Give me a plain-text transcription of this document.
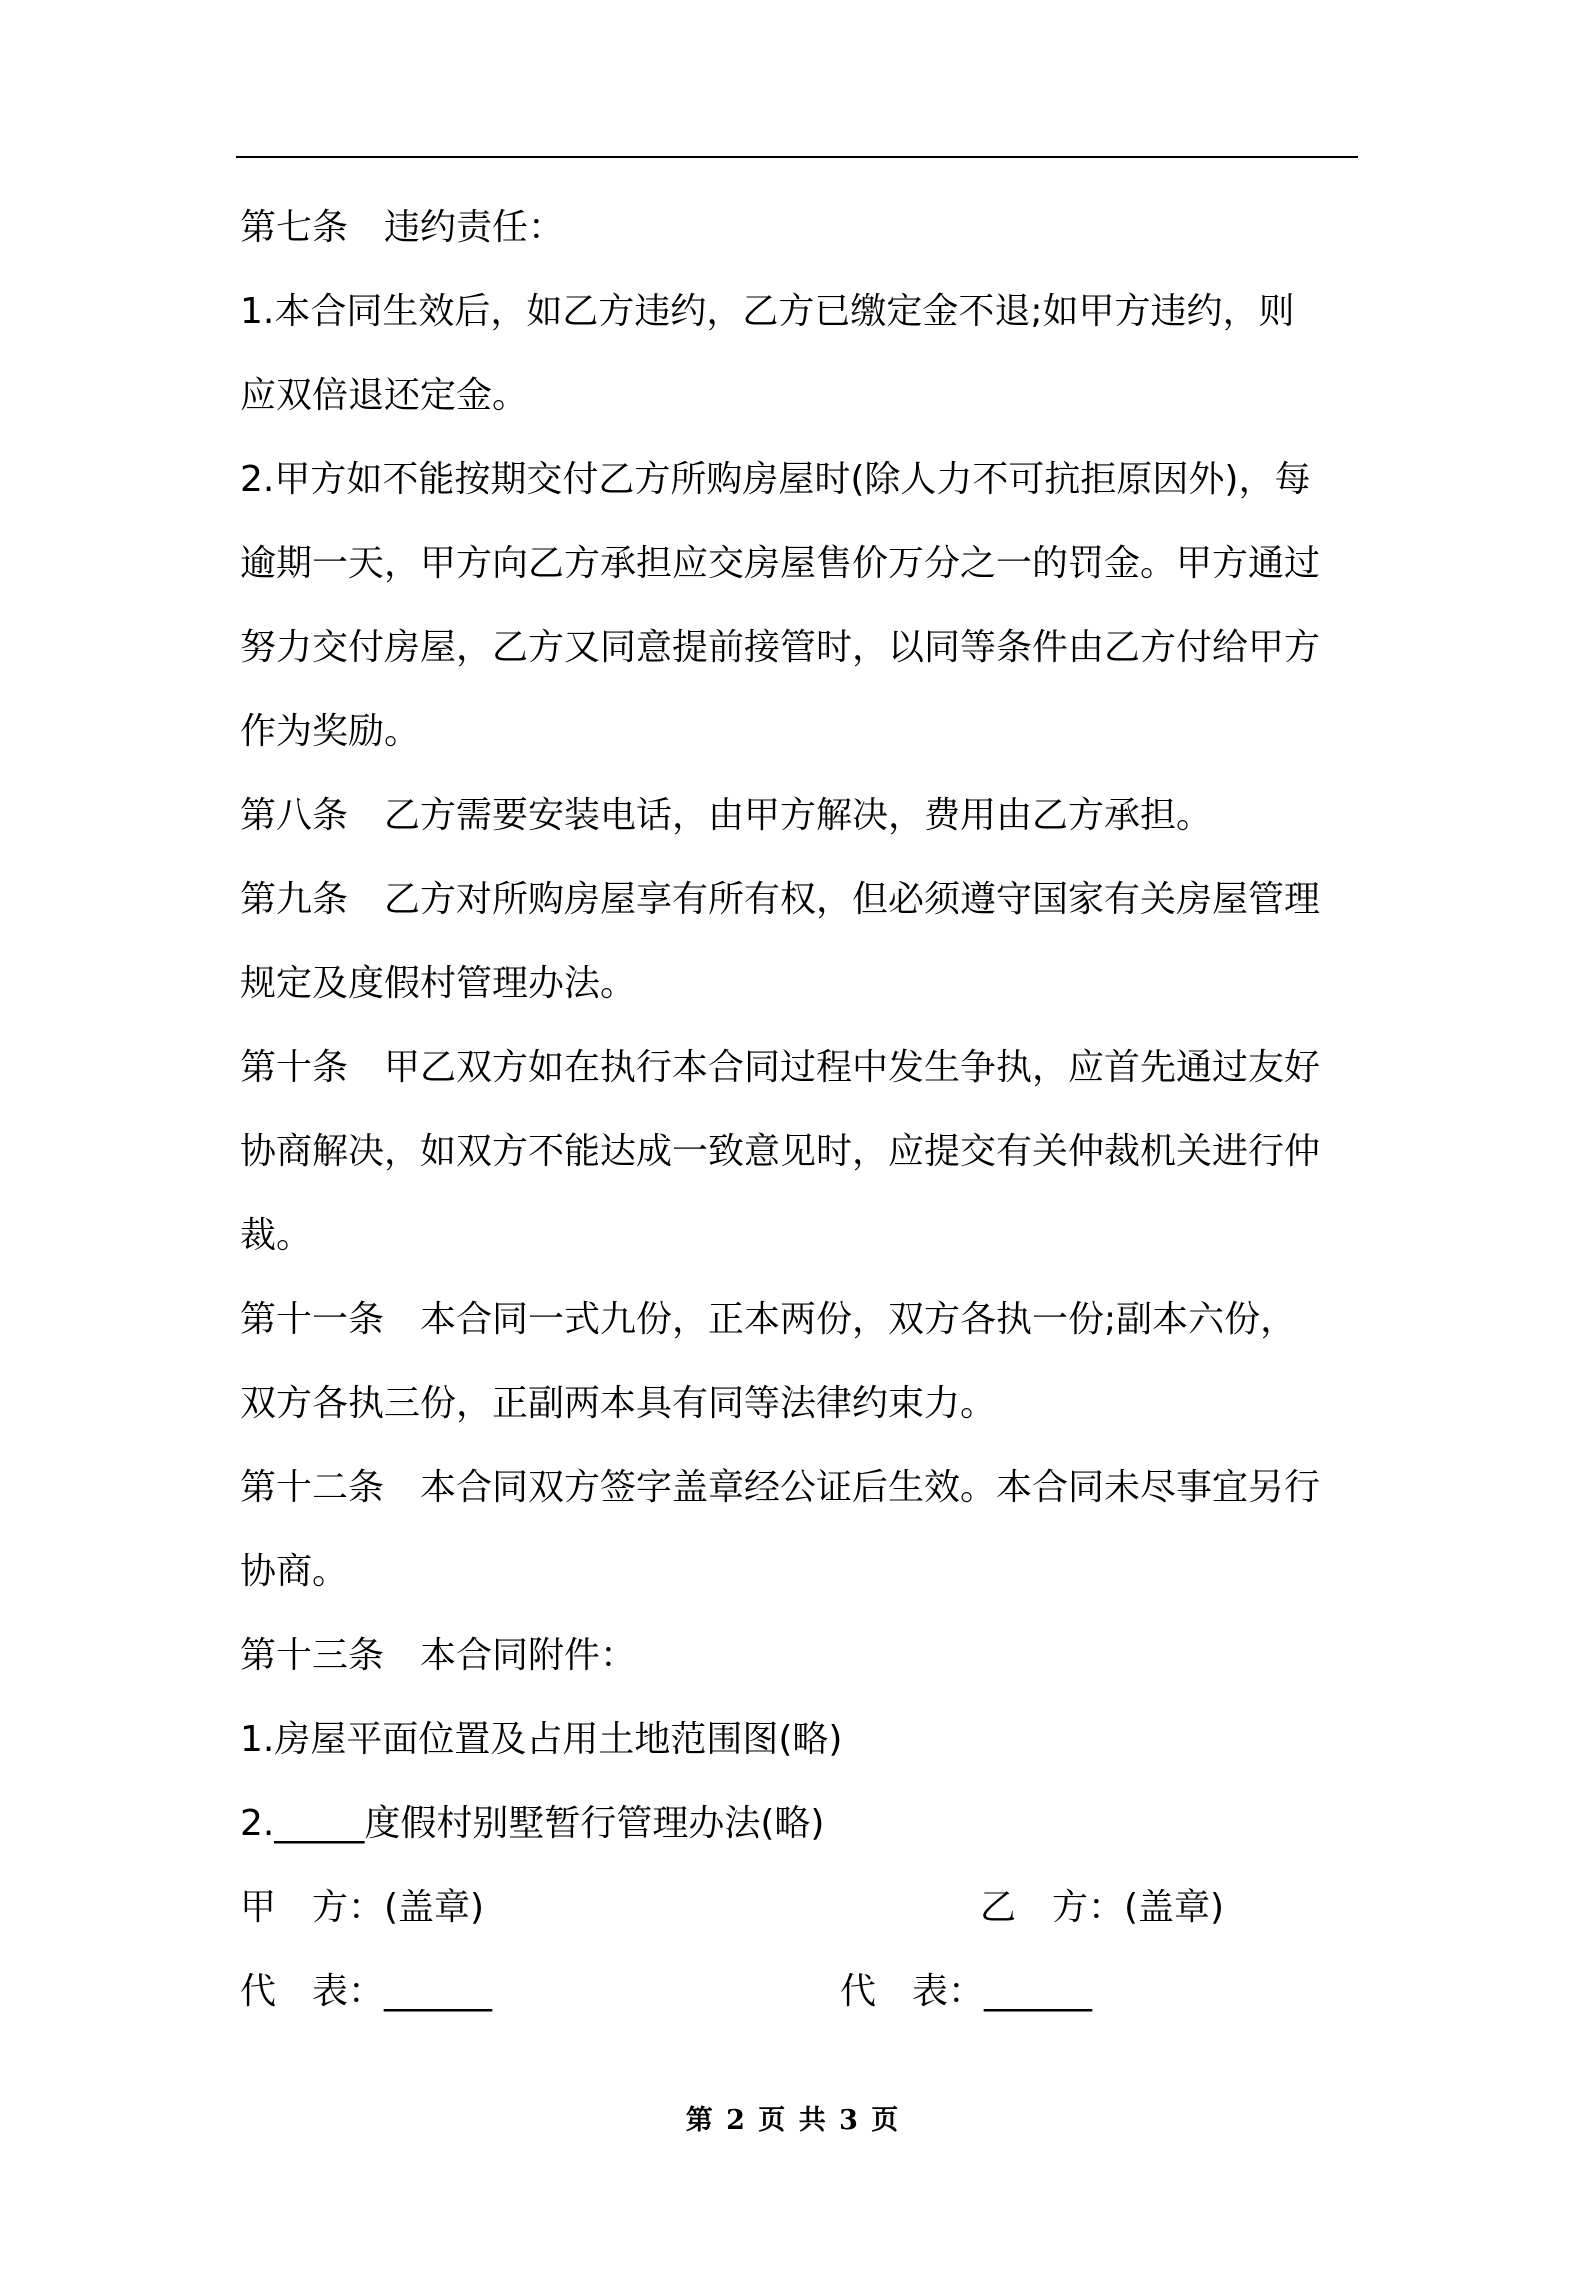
第七条　违约责任：
1.本合同生效后，如乙方违约，乙方已缴定金不退;如甲方违约，则
应双倍退还定金。
2.甲方如不能按期交付乙方所购房屋时(除人力不可抗拒原因外)，每
逾期一天，甲方向乙方承担应交房屋售价万分之一的罚金。甲方通过
努力交付房屋，乙方又同意提前接管时，以同等条件由乙方付给甲方
作为奖励。
第八条　乙方需要安装电话，由甲方解决，费用由乙方承担。
第九条　乙方对所购房屋享有所有权，但必须遵守国家有关房屋管理
规定及度假村管理办法。
第十条　甲乙双方如在执行本合同过程中发生争执，应首先通过友好
协商解决，如双方不能达成一致意见时，应提交有关仲裁机关进行仲
裁。
第十一条　本合同一式九份，正本两份，双方各执一份;副本六份，
双方各执三份，正副两本具有同等法律约束力。
第十二条　本合同双方签字盖章经公证后生效。本合同未尽事宜另行
协商。
第十三条　本合同附件：
1.房屋平面位置及占用土地范围图(略)
2._____度假村别墅暂行管理办法(略)

甲　方：(盖章)

	乙　方：(盖章)

代　表：______

	代　表：______

第 2 页 共 3 页
